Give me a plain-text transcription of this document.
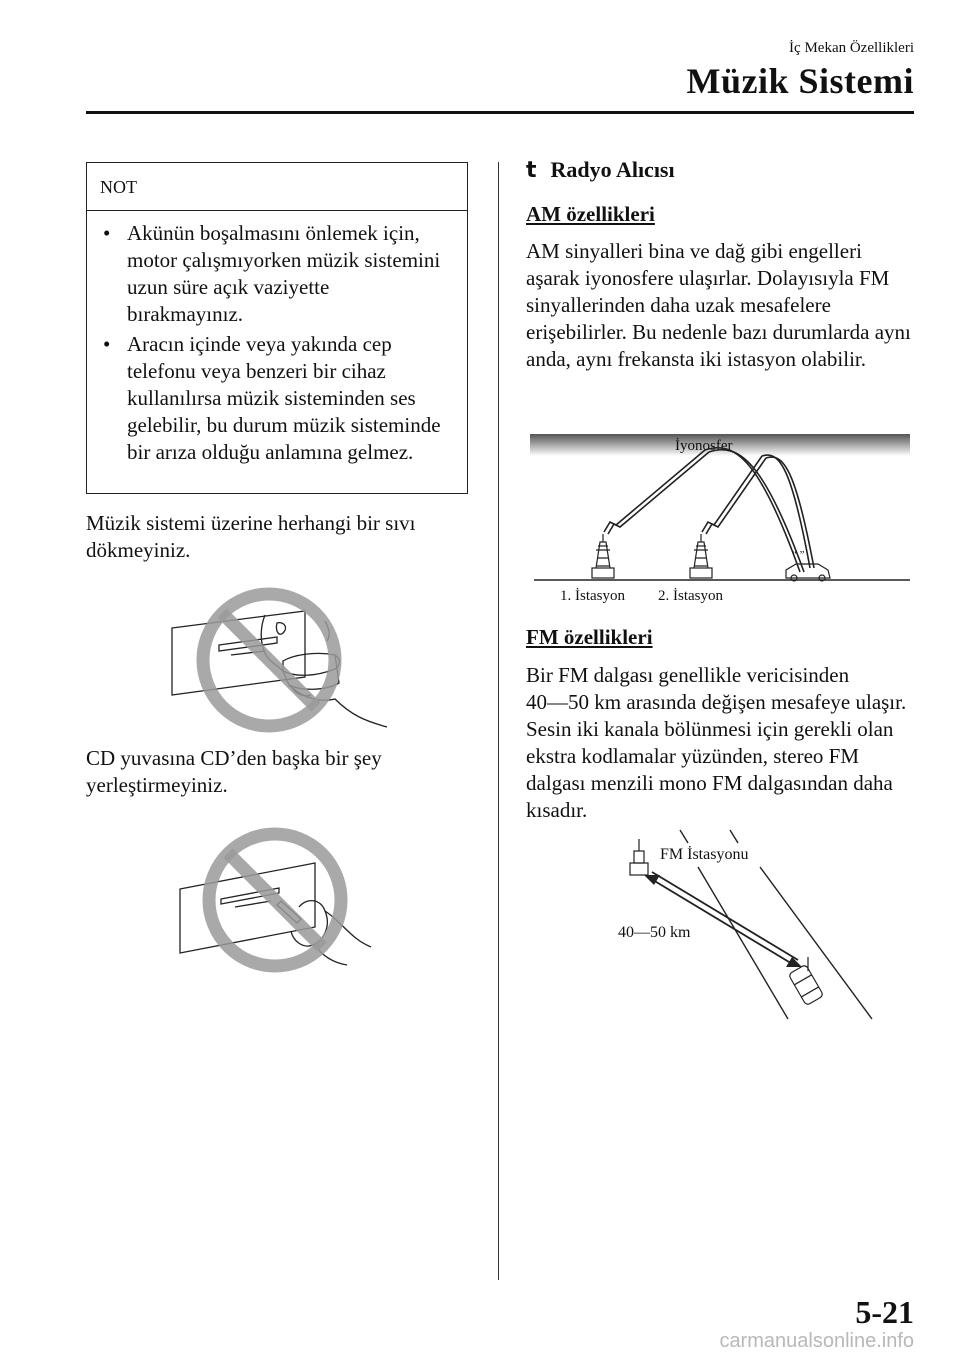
İç Mekan Özellikleri
Müzik Sistemi
NOT
• Akünün boşalmasını önlemek için, motor çalışmıyorken müzik sistemini uzun süre açık vaziyette bırakmayınız.
• Aracın içinde veya yakında cep telefonu veya benzeri bir cihaz kullanılırsa müzik sisteminden ses gelebilir, bu durum müzik sisteminde bir arıza olduğu anlamına gelmez.
Müzik sistemi üzerine herhangi bir sıvı dökmeyiniz.
CD yuvasına CD’den başka bir şey yerleştirmeyiniz.
t Radyo Alıcısı
AM özellikleri
AM sinyalleri bina ve dağ gibi engelleri aşarak iyonosfere ulaşırlar. Dolayısıyla FM sinyallerinden daha uzak mesafelere erişebilirler. Bu nedenle bazı durumlarda aynı anda, aynı frekansta iki istasyon olabilir.
İyonosfer
“ ”
1. İstasyon 2. İstasyon
FM özellikleri
Bir FM dalgası genellikle vericisinden 40―50 km arasında değişen mesafeye ulaşır. Sesin iki kanala bölünmesi için gerekli olan ekstra kodlamalar yüzünden, stereo FM dalgası menzili mono FM dalgasından daha kısadır.
FM İstasyonu
40―50 km
5-21
carmanualsonline.info
